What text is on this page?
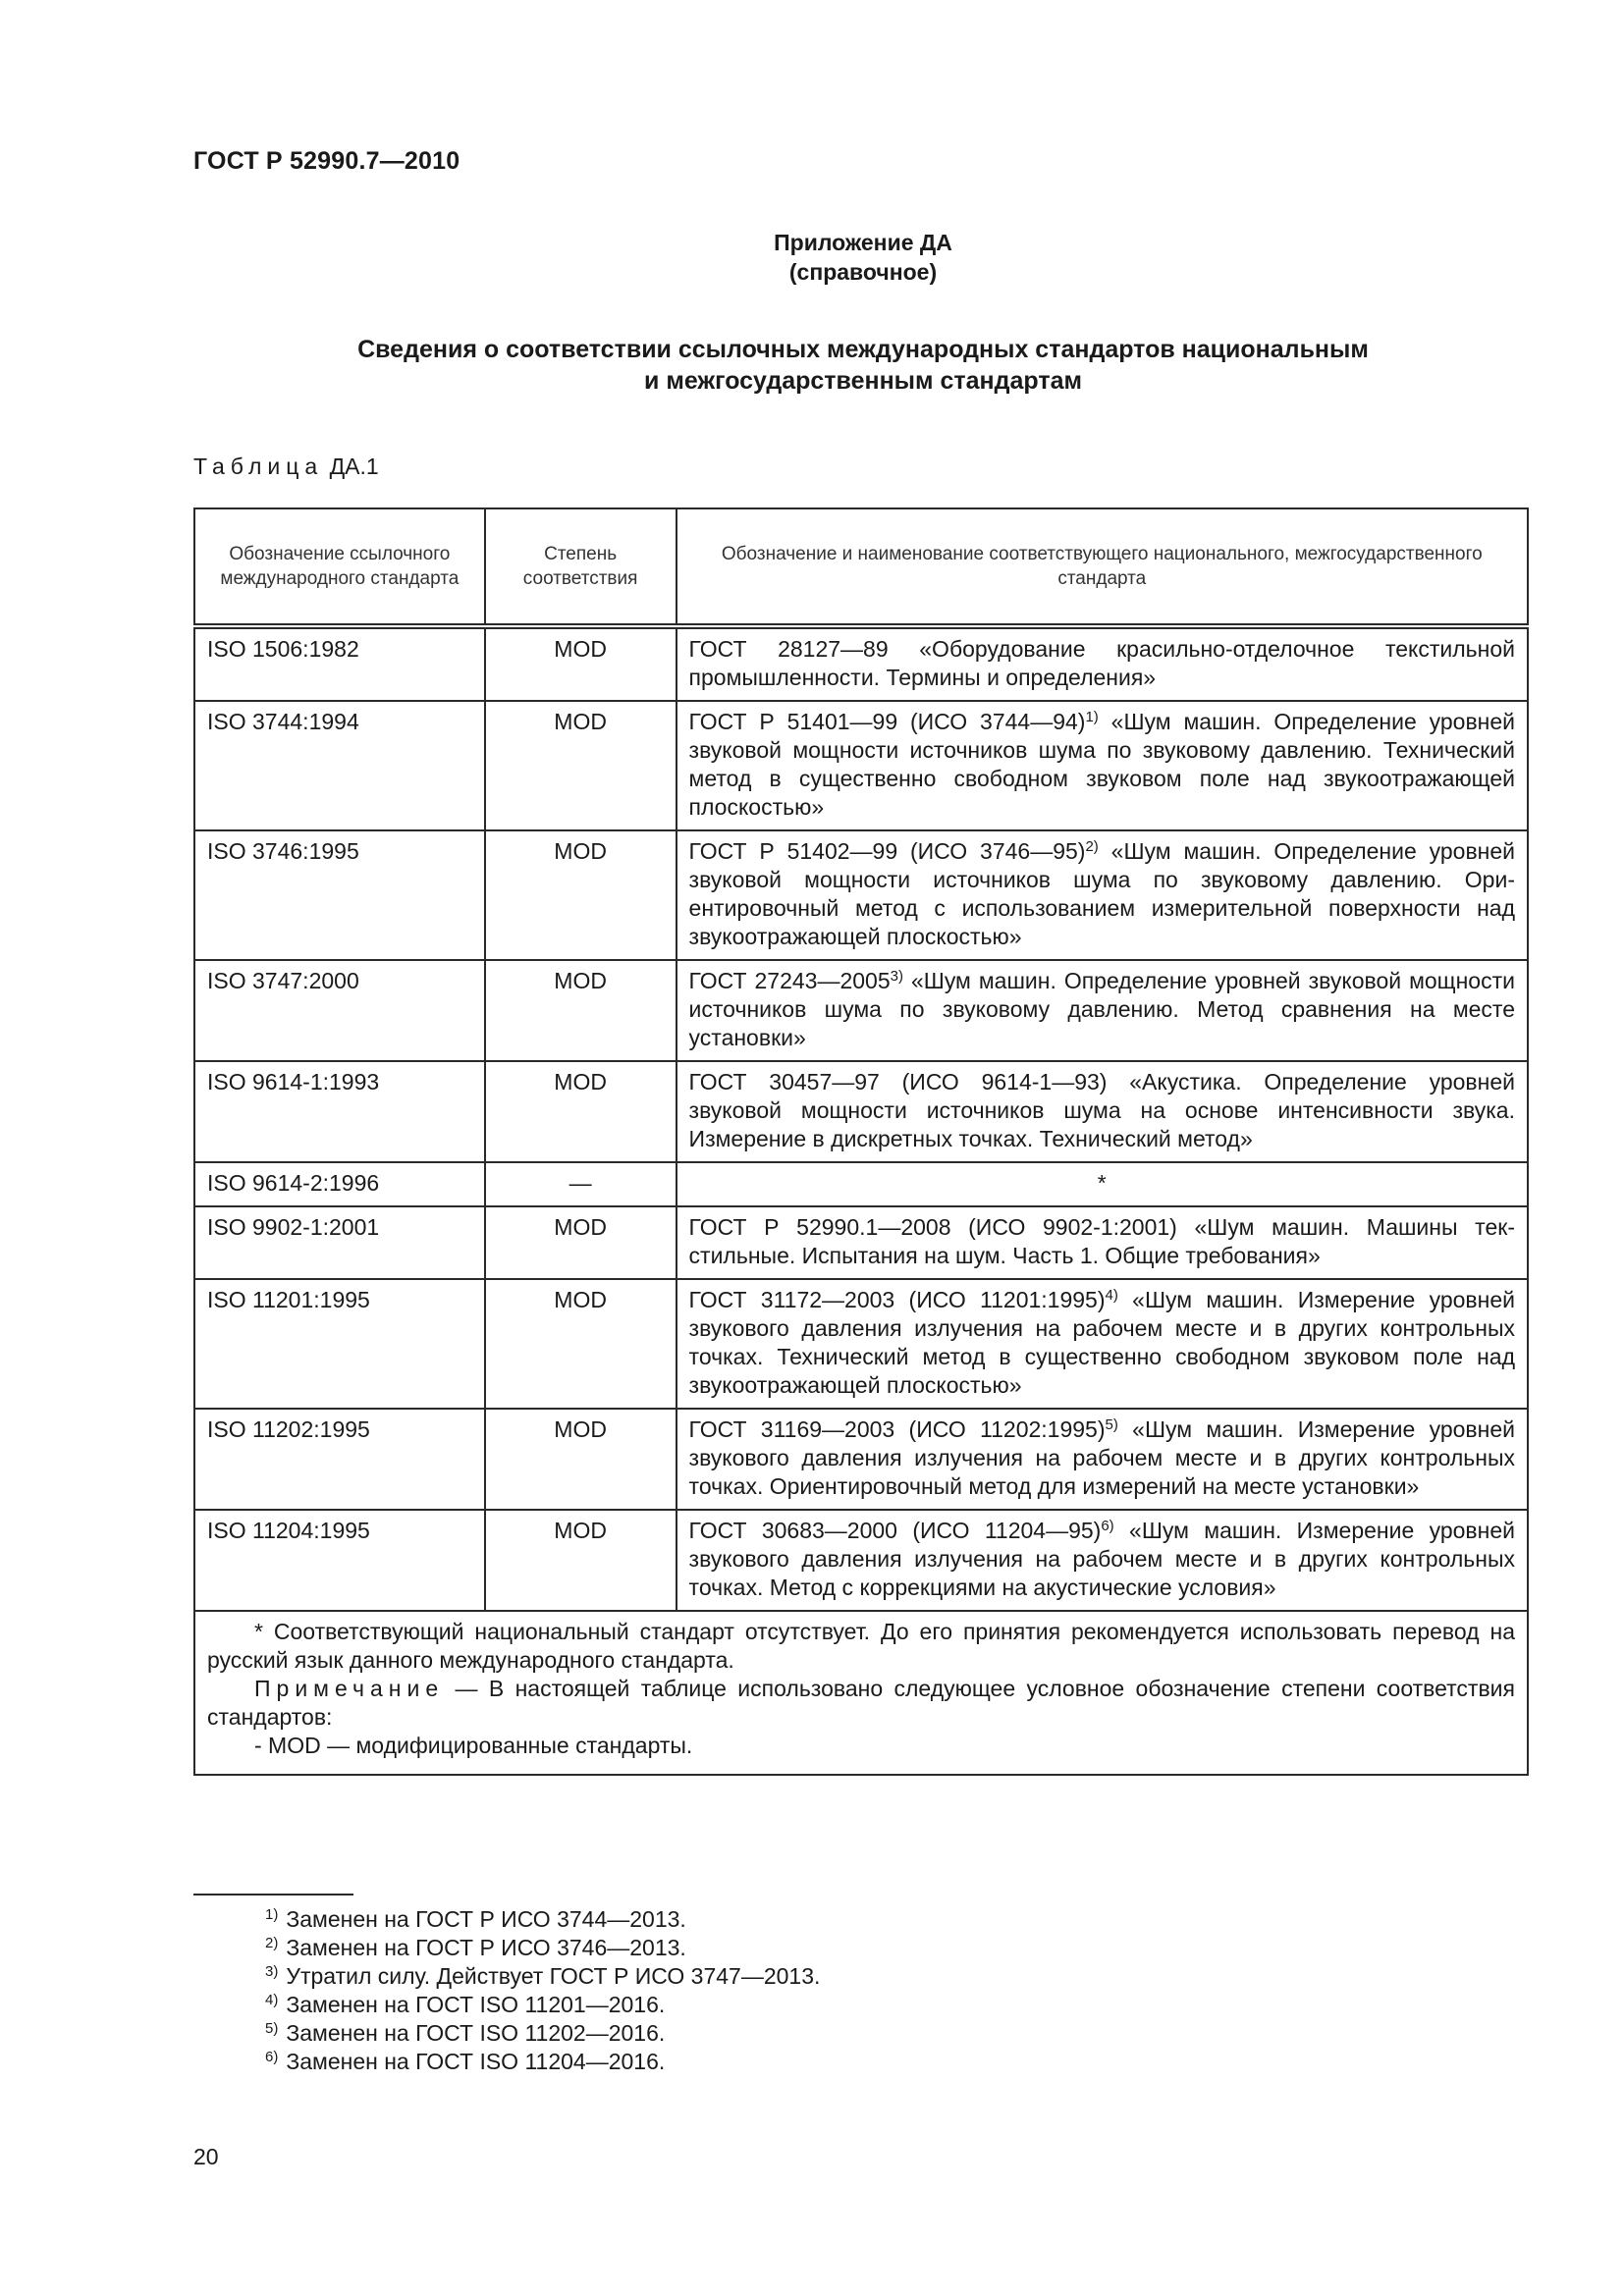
ГОСТ Р 52990.7—2010
Приложение ДА
(справочное)
Сведения о соответствии ссылочных международных стандартов национальным
и межгосударственным стандартам
Таблица ДА.1
Обозначение ссылочного международного стандарта	Степень соответствия	Обозначение и наименование соответствующего национального, межгосударственного стандарта
ISO 1506:1982	MOD	ГОСТ 28127—89 «Оборудование красильно-отделочное текстильной промышленности. Термины и определения»
ISO 3744:1994	MOD	ГОСТ Р 51401—99 (ИСО 3744—94)$^{1)}$ «Шум машин. Определение уровней звуковой мощности источников шума по звуковому давлению. Технический метод в существенно свободном звуковом поле над звукоотражающей плоскостью»
ISO 3746:1995	MOD	ГОСТ Р 51402—99 (ИСО 3746—95)$^{2)}$ «Шум машин. Определение уровней звуковой мощности источников шума по звуковому давлению. Ориентировочный метод с использованием измерительной поверхности над звукоотражающей плоскостью»
ISO 3747:2000	MOD	ГОСТ 27243—2005$^{3)}$ «Шум машин. Определение уровней звуковой мощности источников шума по звуковому давлению. Метод сравнения на месте установки»
ISO 9614-1:1993	MOD	ГОСТ 30457—97 (ИСО 9614-1—93) «Акустика. Определение уровней звуковой мощности источников шума на основе интенсивности звука. Измерение в дискретных точках. Технический метод»
ISO 9614-2:1996	—	*
ISO 9902-1:2001	MOD	ГОСТ Р 52990.1—2008 (ИСО 9902-1:2001) «Шум машин. Машины текстильные. Испытания на шум. Часть 1. Общие требования»
ISO 11201:1995	MOD	ГОСТ 31172—2003 (ИСО 11201:1995)$^{4)}$ «Шум машин. Измерение уровней звукового давления излучения на рабочем месте и в других контрольных точках. Технический метод в существенно свободном звуковом поле над звукоотражающей плоскостью»
ISO 11202:1995	MOD	ГОСТ 31169—2003 (ИСО 11202:1995)$^{5)}$ «Шум машин. Измерение уровней звукового давления излучения на рабочем месте и в других контрольных точках. Ориентировочный метод для измерений на месте установки»
ISO 11204:1995	MOD	ГОСТ 30683—2000 (ИСО 11204—95)$^{6)}$ «Шум машин. Измерение уровней звукового давления излучения на рабочем месте и в других контрольных точках. Метод с коррекциями на акустические условия»

* Соответствующий национальный стандарт отсутствует. До его принятия рекомендуется использовать перевод на русский язык данного международного стандарта.
Примечание — В настоящей таблице использовано следующее условное обозначение степени соответствия стандартов:
- MOD — модифицированные стандарты.		
$^{1)}$ Заменен на ГОСТ Р ИСО 3744—2013.
$^{2)}$ Заменен на ГОСТ Р ИСО 3746—2013.
$^{3)}$ Утратил силу. Действует ГОСТ Р ИСО 3747—2013.
$^{4)}$ Заменен на ГОСТ ISO 11201—2016.
$^{5)}$ Заменен на ГОСТ ISO 11202—2016.
$^{6)}$ Заменен на ГОСТ ISO 11204—2016.
20
